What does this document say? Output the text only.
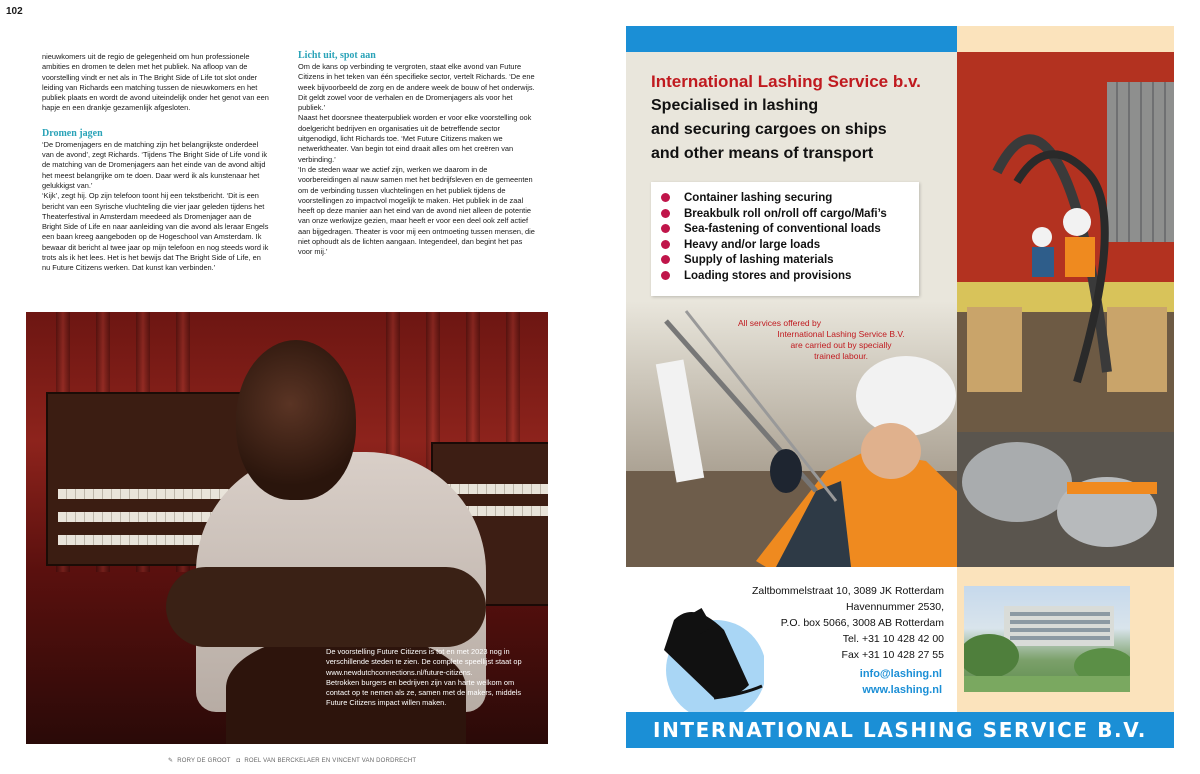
102

nieuwkomers uit de regio de gelegenheid om hun professionele ambities en dromen te delen met het publiek. Na afloop van de voorstelling vindt er net als in The Bright Side of Life tot slot onder leiding van Richards een matching tussen de nieuwkomers en het publiek plaats en wordt de avond uiteindelijk onder het genot van een hapje en een drankje gezamenlijk afgesloten.

Dromen jagen

‘De Dromenjagers en de matching zijn het belangrijkste onderdeel van de avond’, zegt Richards. ‘Tijdens The Bright Side of Life vond ik de matching van de Dromenjagers aan het einde van de avond altijd het meest belangrijke om te doen. Daar werd ik als kunstenaar het gelukkigst van.’

‘Kijk’, zegt hij. Op zijn telefoon toont hij een tekstbericht. ‘Dit is een bericht van een Syrische vluchteling die vier jaar geleden tijdens het Theaterfestival in Amsterdam meedeed als Dromenjager aan de Bright Side of Life en naar aanleiding van die avond als leraar Engels een baan kreeg aangeboden op de Hogeschool van Amsterdam. Ik bewaar dit bericht al twee jaar op mijn telefoon en nog steeds word ik trots als ik het lees. Het is het bewijs dat The Bright Side of Life, en nu Future Citizens werken. Dat kunst kan verbinden.’

Licht uit, spot aan

Om de kans op verbinding te vergroten, staat elke avond van Future Citizens in het teken van één specifieke sector, vertelt Richards. ‘De ene week bijvoorbeeld de zorg en de andere week de bouw of het onderwijs. Dit geldt zowel voor de verhalen en de Dromenjagers als voor het publiek.’

Naast het doorsnee theaterpubliek worden er voor elke voorstelling ook doelgericht bedrijven en organisaties uit de betreffende sector uitgenodigd, licht Richards toe. ‘Met Future Citizens maken we netwerktheater. Van begin tot eind draait alles om het creëren van verbinding.’

‘In de steden waar we actief zijn, werken we daarom in de voorbereidingen al nauw samen met het bedrijfsleven en de gemeenten om de verbinding tussen vluchtelingen en het publiek tijdens de voorstellingen zo impactvol mogelijk te maken. Het publiek in de zaal heeft op deze manier aan het eind van de avond niet alleen de potentie van onze werkwijze gezien, maar heeft er voor een deel ook zelf actief aan bijgedragen. Theater is voor mij een ontmoeting tussen mensen, die niet ophoudt als de lichten aangaan. Integendeel, dan begint het pas voor mij.’

De voorstelling Future Citizens is tot en met 2023 nog in verschillende steden te zien. De complete speellijst staat op www.newdutchconnections.nl/future-citizens.

Betrokken burgers en bedrijven zijn van harte welkom om contact op te nemen als ze, samen met de makers, middels Future Citizens impact willen maken.

✎ RORY DE GROOT ◘ ROEL VAN BERCKELAER EN VINCENT VAN DORDRECHT
International Lashing Service b.v.
Specialised in lashing
and securing cargoes on ships
and other means of transport
Container lashing securing
Breakbulk roll on/roll off cargo/Mafi’s
Sea-fastening of conventional loads
Heavy and/or large loads
Supply of lashing materials
Loading stores and provisions
All services offered by
International Lashing Service B.V.
are carried out by specially
trained labour.
Zaltbommelstraat 10, 3089 JK Rotterdam
Havennummer 2530,
P.O. box 5066, 3008 AB Rotterdam
Tel. +31 10 428 42 00
Fax +31 10 428 27 55
info@lashing.nl
www.lashing.nl
INTERNATIONAL LASHING SERVICE B.V.
